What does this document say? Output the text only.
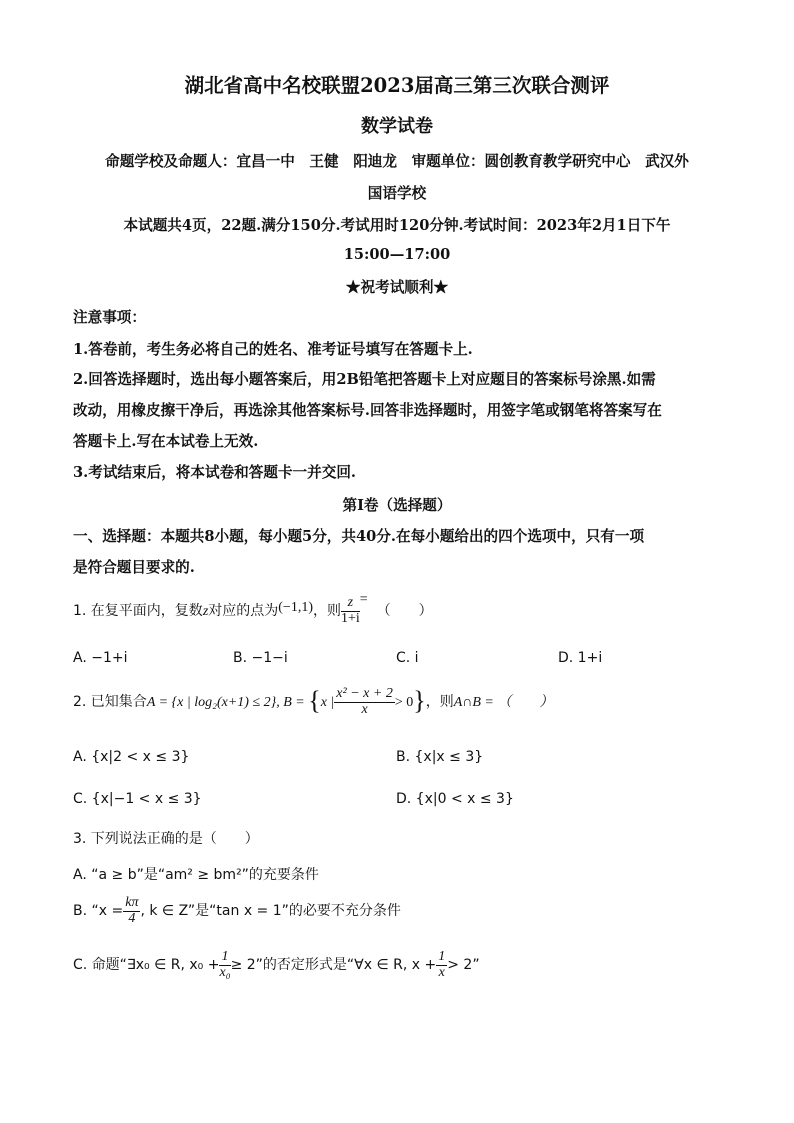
湖北省高中名校联盟2023届高三第三次联合测评
数学试卷
命题学校及命题人：宜昌一中　王健　阳迪龙　审题单位：圆创教育教学研究中心　武汉外
国语学校
本试题共4页，22题.满分150分.考试用时120分钟.考试时间：2023年2月1日下午
15:00—17:00
★祝考试顺利★
注意事项：
1.答卷前，考生务必将自己的姓名、准考证号填写在答题卡上.
2.回答选择题时，选出每小题答案后，用2B铅笔把答题卡上对应题目的答案标号涂黑.如需
改动，用橡皮擦干净后，再选涂其他答案标号.回答非选择题时，用签字笔或钢笔将答案写在
答题卡上.写在本试卷上无效.
3.考试结束后，将本试卷和答题卡一并交回.
第Ⅰ卷（选择题）
一、选择题：本题共8小题，每小题5分，共40分.在每小题给出的四个选项中，只有一项
是符合题目要求的.
1. 在复平面内，复数z对应的点为(−1,1)，则 $\frac{z}{1+i}$ =  （　　）
A. −1+i	B. −1−i	C. i	D. 1+i
2. 已知集合A = {x | log₂(x+1) ≤ 2}, B = {x | $\frac{\text{x² − x + 2}}{x} > 0$}，则A∩B = （　　）
A. {x|2 < x ≤ 3}	B. {x|x ≤ 3}
C. {x|−1 < x ≤ 3}	D. {x|0 < x ≤ 3}
3. 下列说法正确的是（　　）
A. “a ≥ b”是“am² ≥ bm²”的充要条件
B. “$x = \frac{k\pi}{4}$ , k ∈ Z”是“tan x = 1”的必要不充分条件
C. 命题“∃x₀ ∈ R, $x_0 + \frac{1}{\text{x₀}} \ge 2$”的否定形式是“∀x ∈ R, $x + \frac{1}{x} > 2$”
